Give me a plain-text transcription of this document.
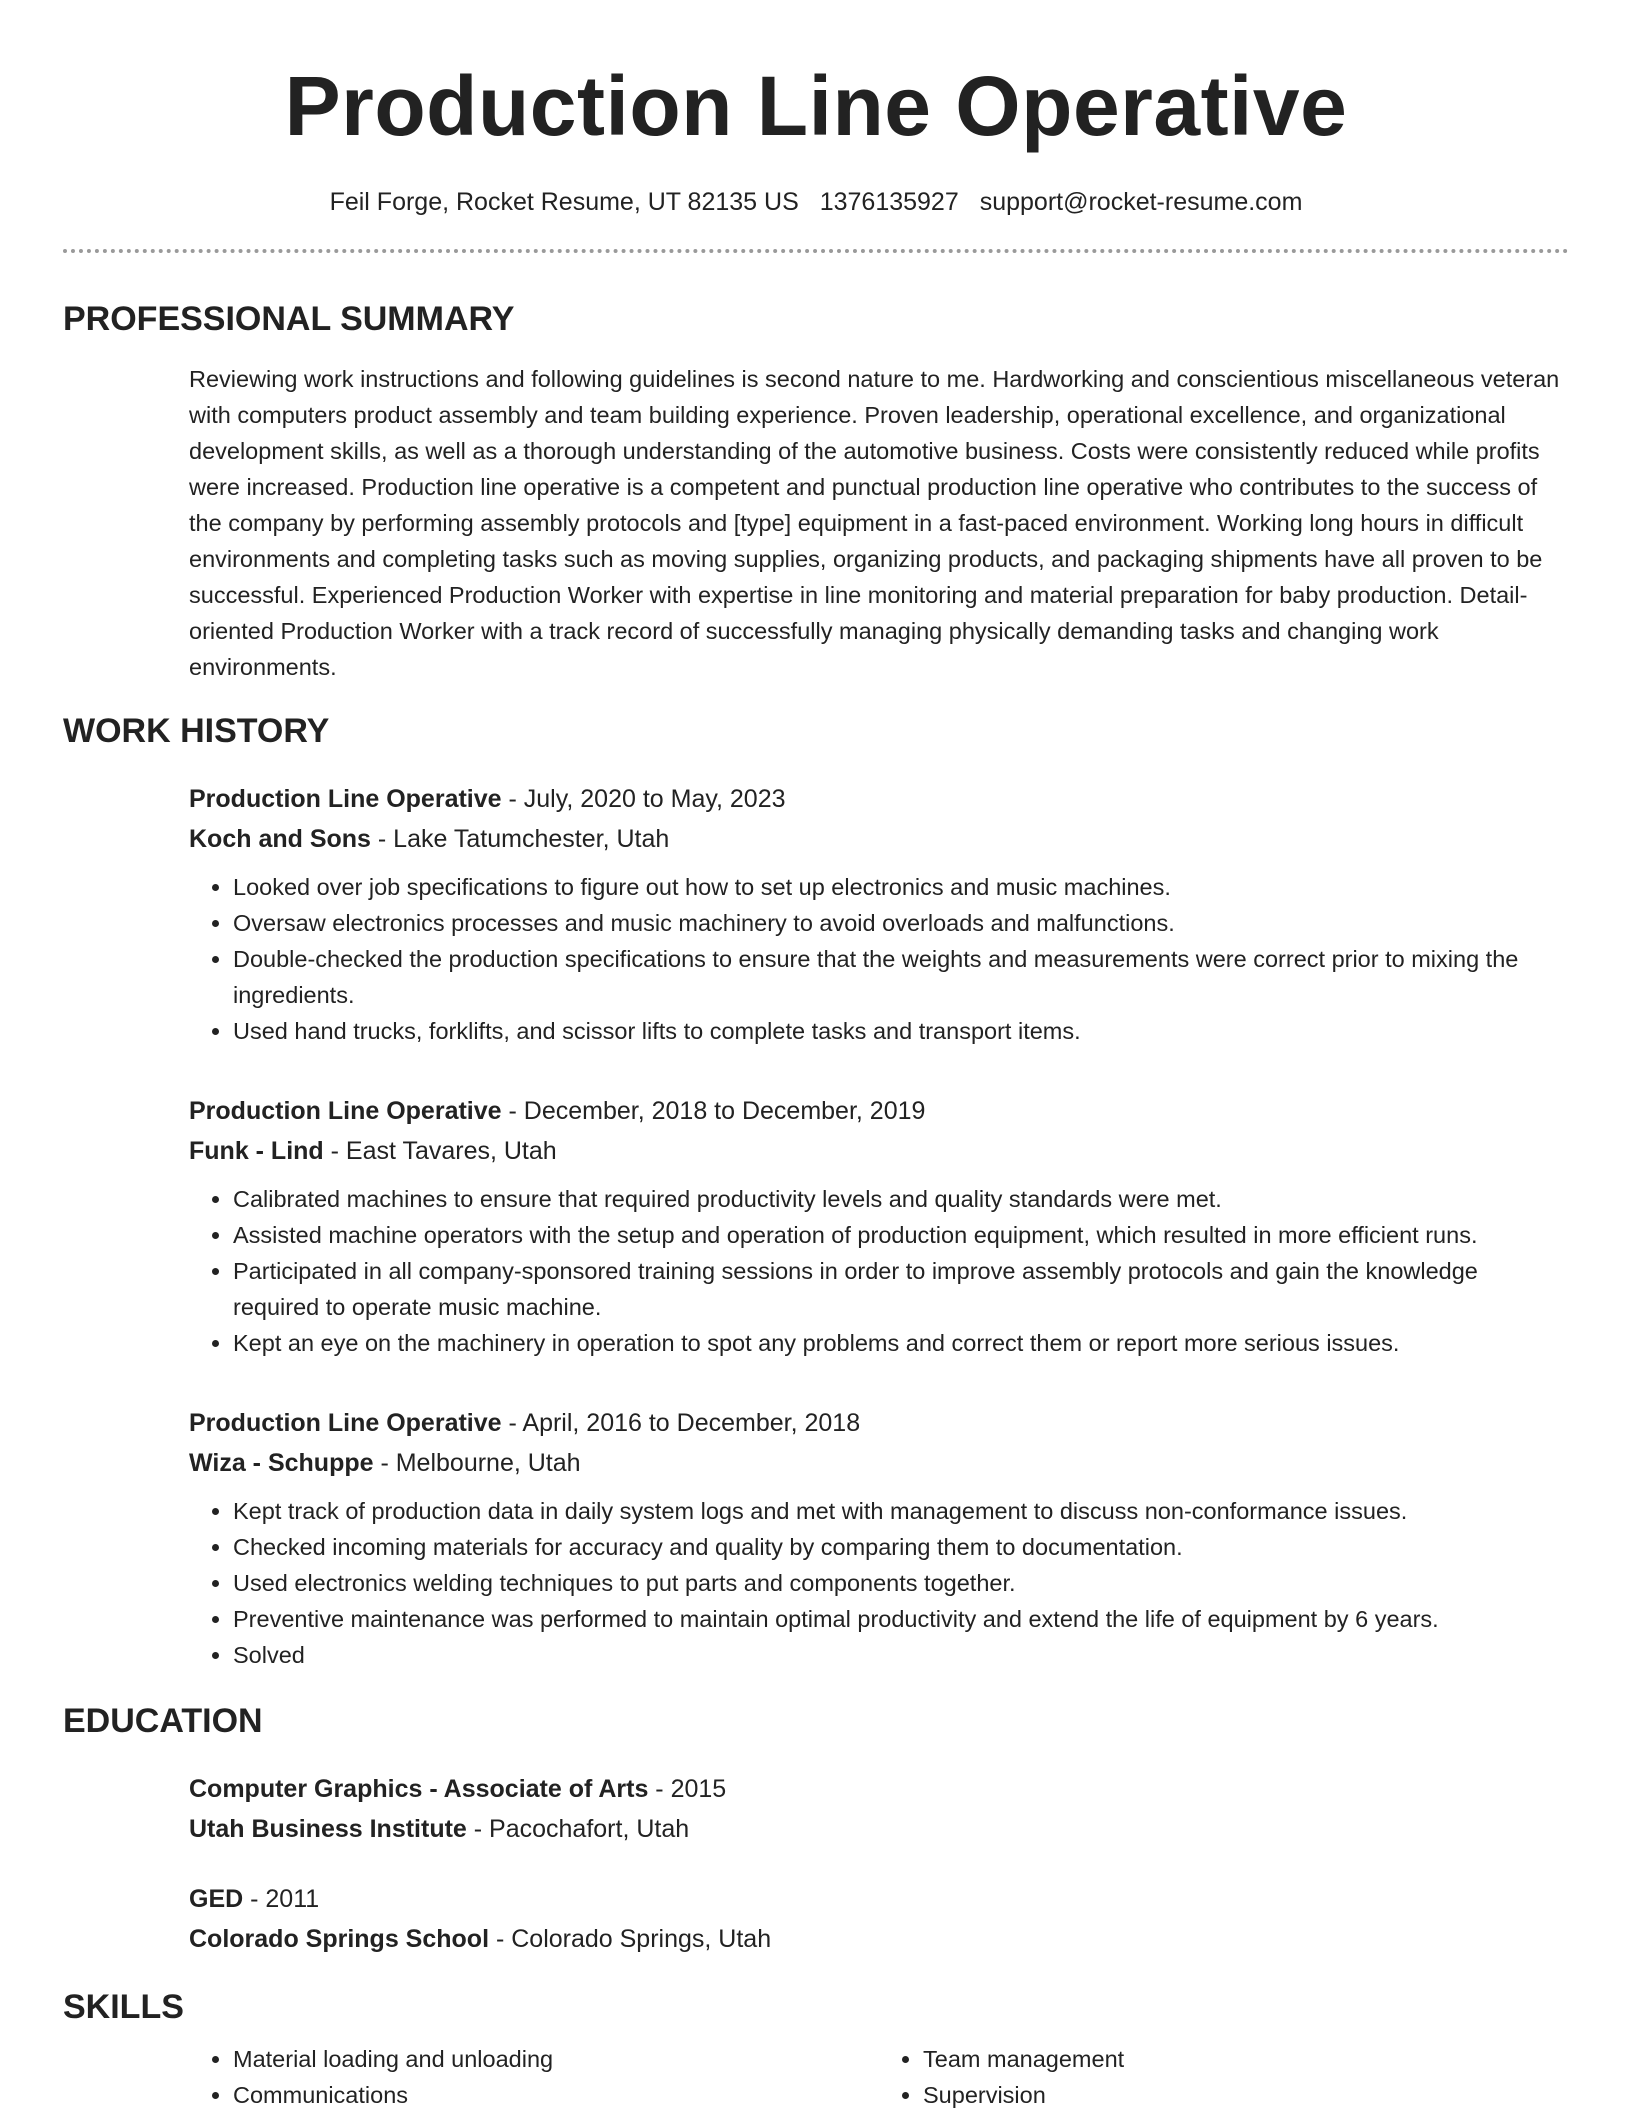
Production Line Operative
Feil Forge, Rocket Resume, UT 82135 US 1376135927 support@rocket-resume.com
PROFESSIONAL SUMMARY
Reviewing work instructions and following guidelines is second nature to me. Hardworking and conscientious miscellaneous veteran with computers product assembly and team building experience. Proven leadership, operational excellence, and organizational development skills, as well as a thorough understanding of the automotive business. Costs were consistently reduced while profits were increased. Production line operative is a competent and punctual production line operative who contributes to the success of the company by performing assembly protocols and [type] equipment in a fast-paced environment. Working long hours in difficult environments and completing tasks such as moving supplies, organizing products, and packaging shipments have all proven to be successful. Experienced Production Worker with expertise in line monitoring and material preparation for baby production. Detail-oriented Production Worker with a track record of successfully managing physically demanding tasks and changing work environments.
WORK HISTORY
Production Line Operative - July, 2020 to May, 2023
Koch and Sons - Lake Tatumchester, Utah
• Looked over job specifications to figure out how to set up electronics and music machines.
• Oversaw electronics processes and music machinery to avoid overloads and malfunctions.
• Double-checked the production specifications to ensure that the weights and measurements were correct prior to mixing the ingredients.
• Used hand trucks, forklifts, and scissor lifts to complete tasks and transport items.
Production Line Operative - December, 2018 to December, 2019
Funk - Lind - East Tavares, Utah
• Calibrated machines to ensure that required productivity levels and quality standards were met.
• Assisted machine operators with the setup and operation of production equipment, which resulted in more efficient runs.
• Participated in all company-sponsored training sessions in order to improve assembly protocols and gain the knowledge required to operate music machine.
• Kept an eye on the machinery in operation to spot any problems and correct them or report more serious issues.
Production Line Operative - April, 2016 to December, 2018
Wiza - Schuppe - Melbourne, Utah
• Kept track of production data in daily system logs and met with management to discuss non-conformance issues.
• Checked incoming materials for accuracy and quality by comparing them to documentation.
• Used electronics welding techniques to put parts and components together.
• Preventive maintenance was performed to maintain optimal productivity and extend the life of equipment by 6 years.
• Solved
EDUCATION
Computer Graphics - Associate of Arts - 2015
Utah Business Institute - Pacochafort, Utah
GED - 2011
Colorado Springs School - Colorado Springs, Utah
SKILLS
• Material loading and unloading
• Communications
• Team management
• Supervision
